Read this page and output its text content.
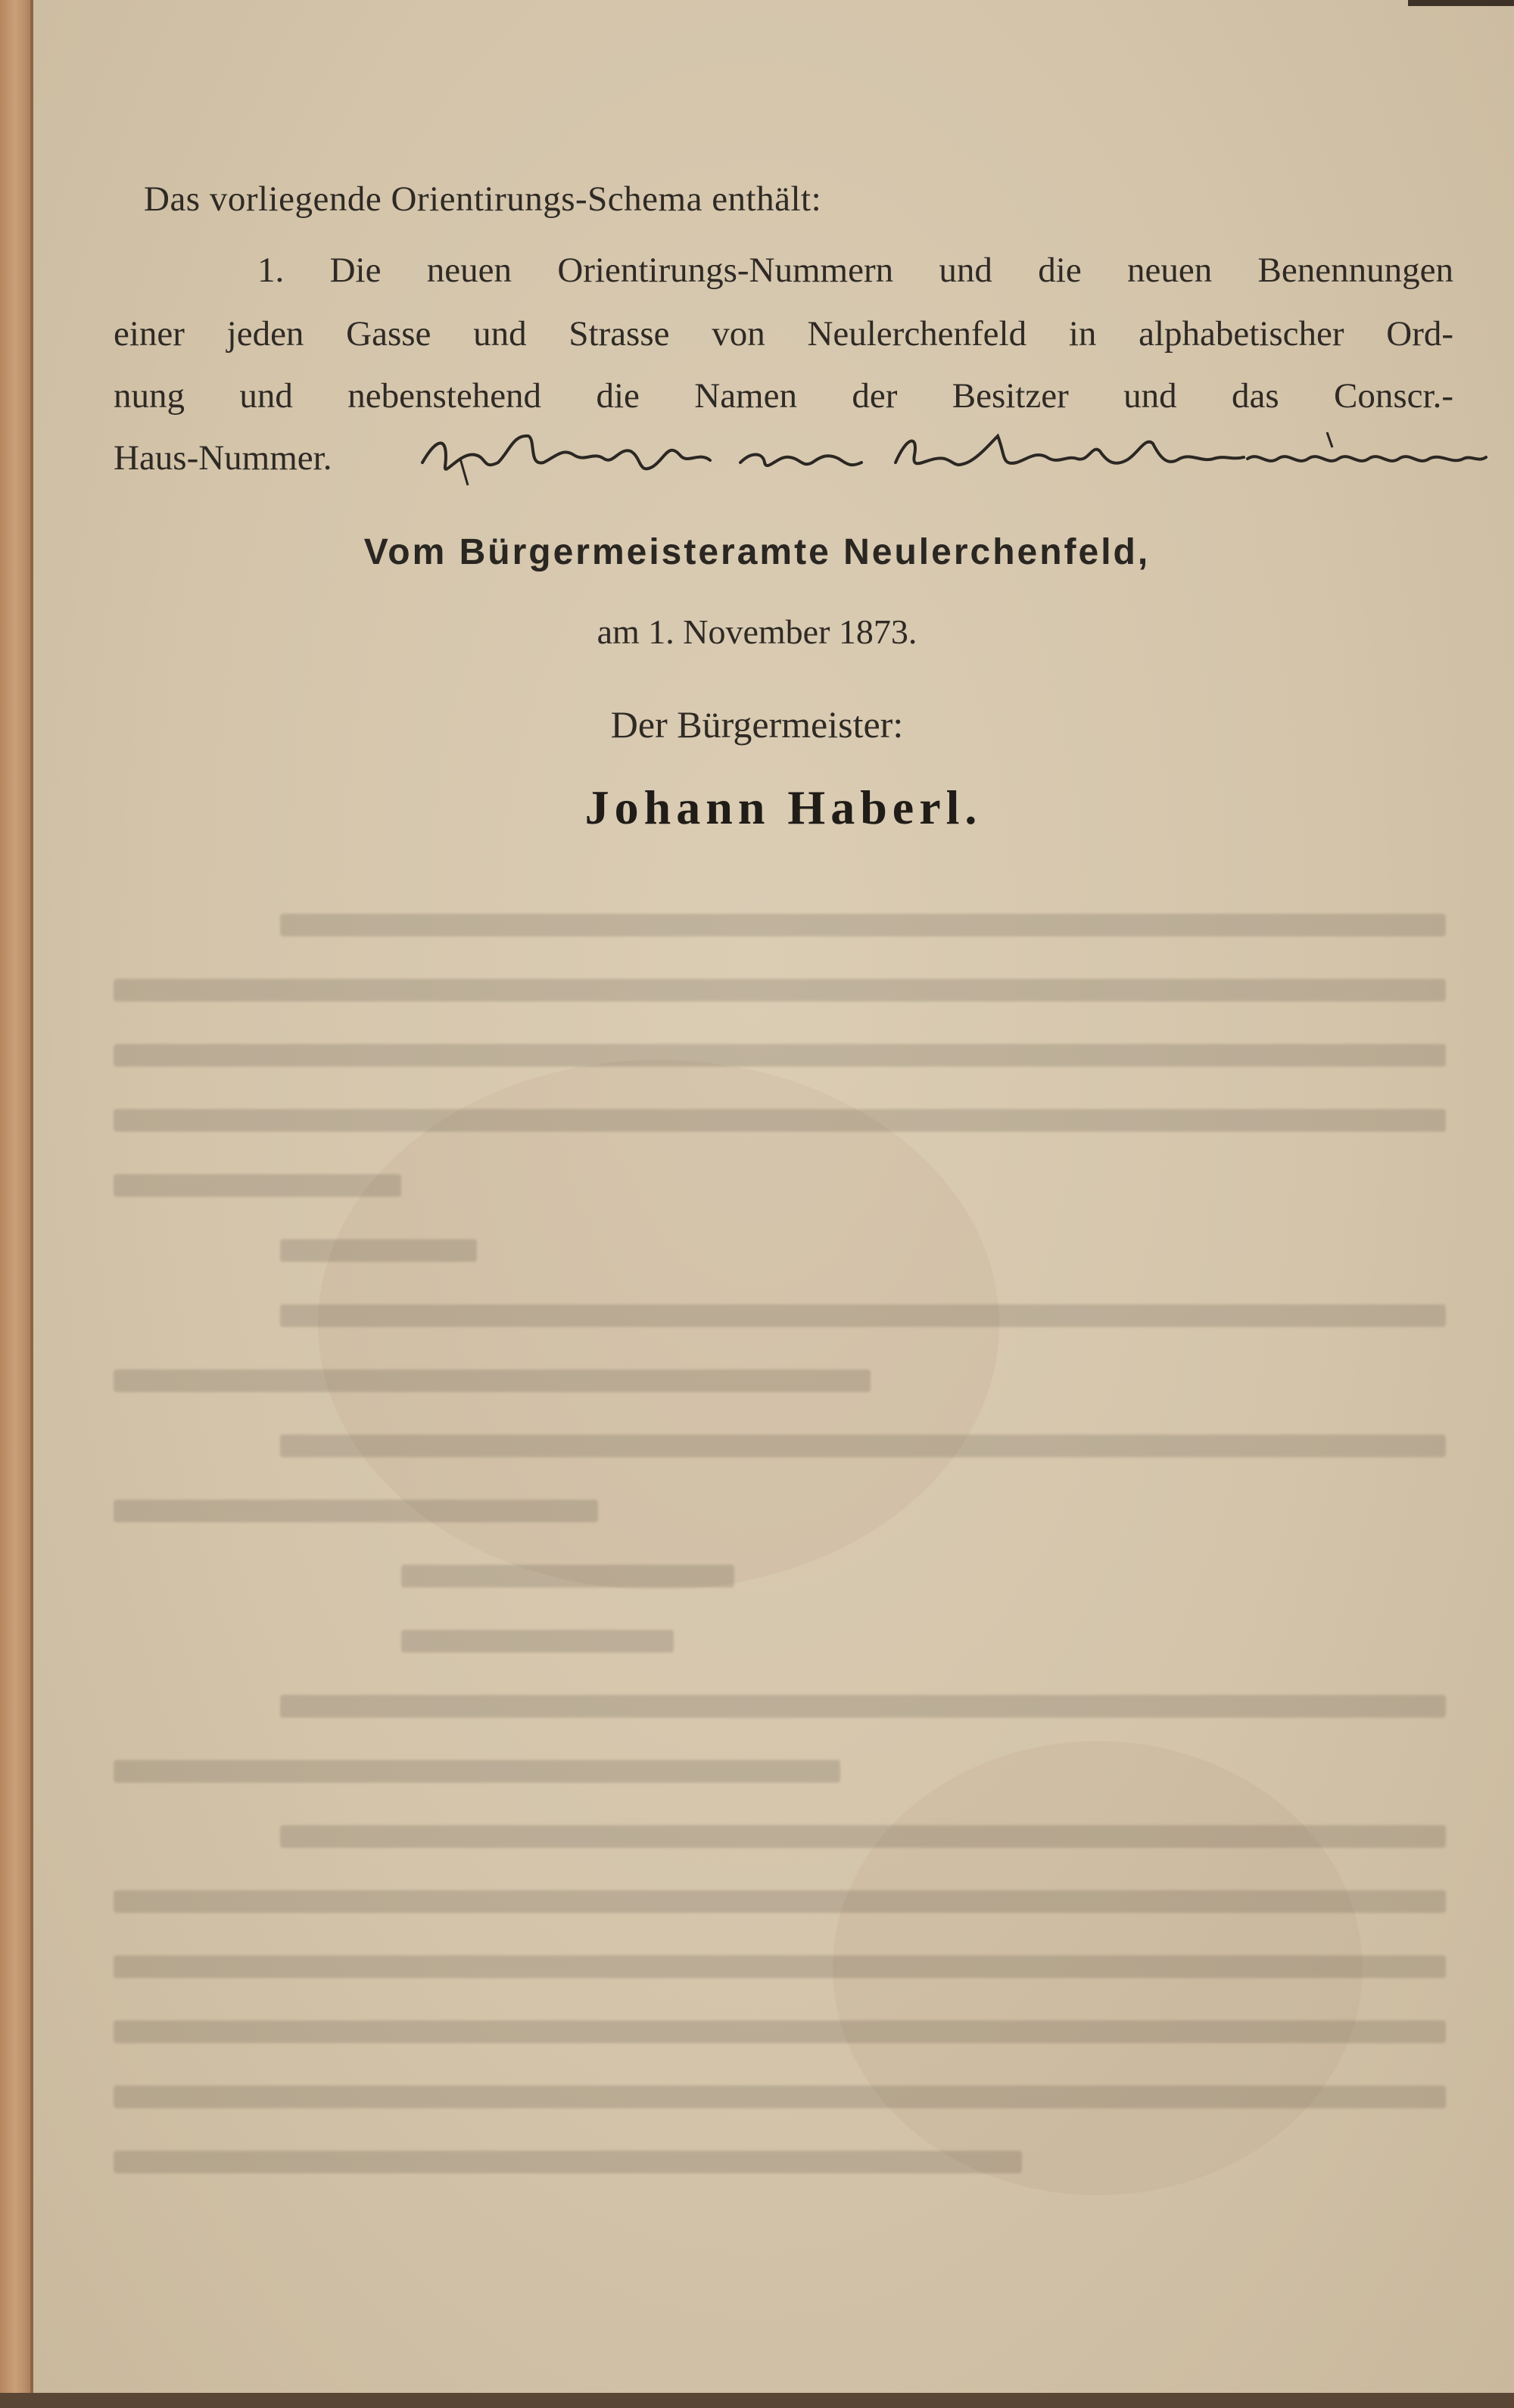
Das vorliegende Orientirungs-Schema enthält:
1. Die neuen Orientirungs-Nummern und die neuen Benennungen
einer jeden Gasse und Strasse von Neulerchenfeld in alphabetischer Ord-
nung und nebenstehend die Namen der Besitzer und das Conscr.-
Haus-Nummer.
Vom Bürgermeisteramte Neulerchenfeld,
am 1. November 1873.
Der Bürgermeister:
Johann Haberl.
